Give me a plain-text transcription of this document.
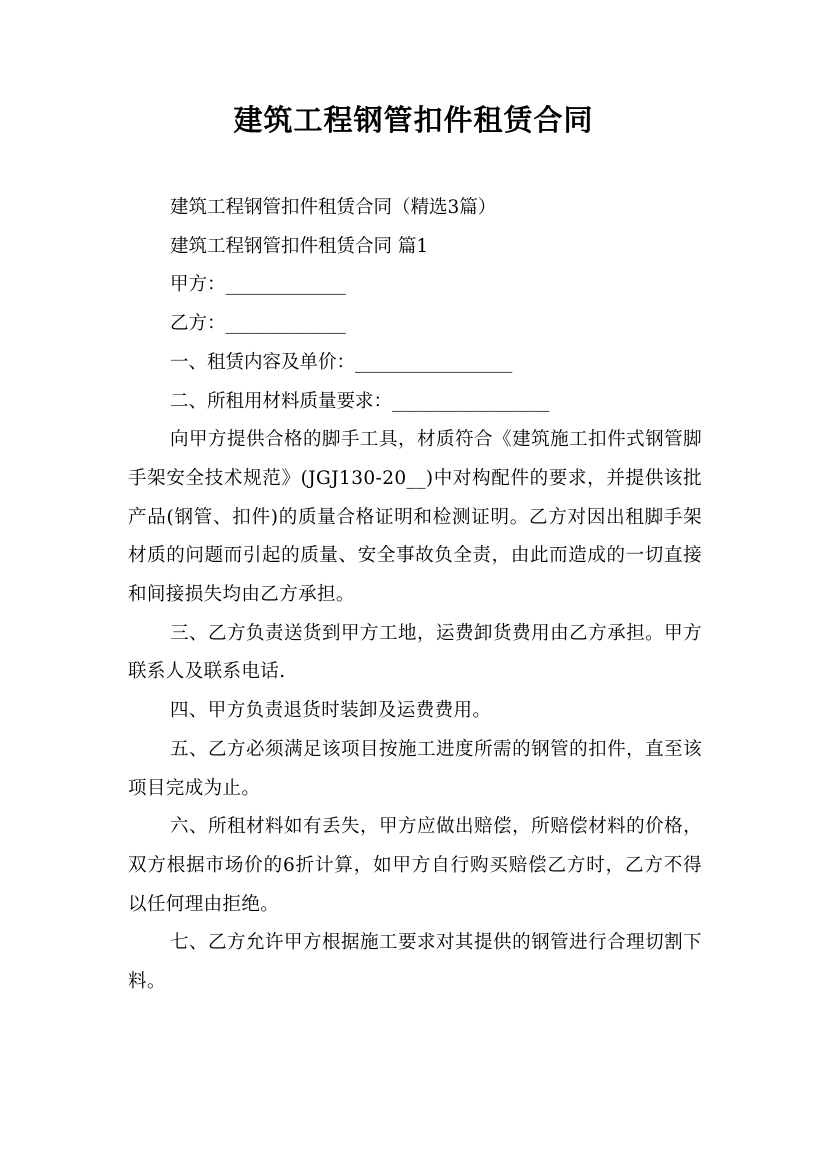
建筑工程钢管扣件租赁合同

建筑工程钢管扣件租赁合同（精选3篇）

建筑工程钢管扣件租赁合同 篇1

甲方：_____________

乙方：_____________

一、租赁内容及单价：_________________

二、所租用材料质量要求：_________________

向甲方提供合格的脚手工具，材质符合《建筑施工扣件式钢管脚手架安全技术规范》(JGJ130-20__)中对构配件的要求，并提供该批产品(钢管、扣件)的质量合格证明和检测证明。乙方对因出租脚手架材质的问题而引起的质量、安全事故负全责，由此而造成的一切直接和间接损失均由乙方承担。

三、乙方负责送货到甲方工地，运费卸货费用由乙方承担。甲方联系人及联系电话.

四、甲方负责退货时装卸及运费费用。

五、乙方必须满足该项目按施工进度所需的钢管的扣件，直至该项目完成为止。

六、所租材料如有丢失，甲方应做出赔偿，所赔偿材料的价格，双方根据市场价的6折计算，如甲方自行购买赔偿乙方时，乙方不得以任何理由拒绝。

七、乙方允许甲方根据施工要求对其提供的钢管进行合理切割下料。
